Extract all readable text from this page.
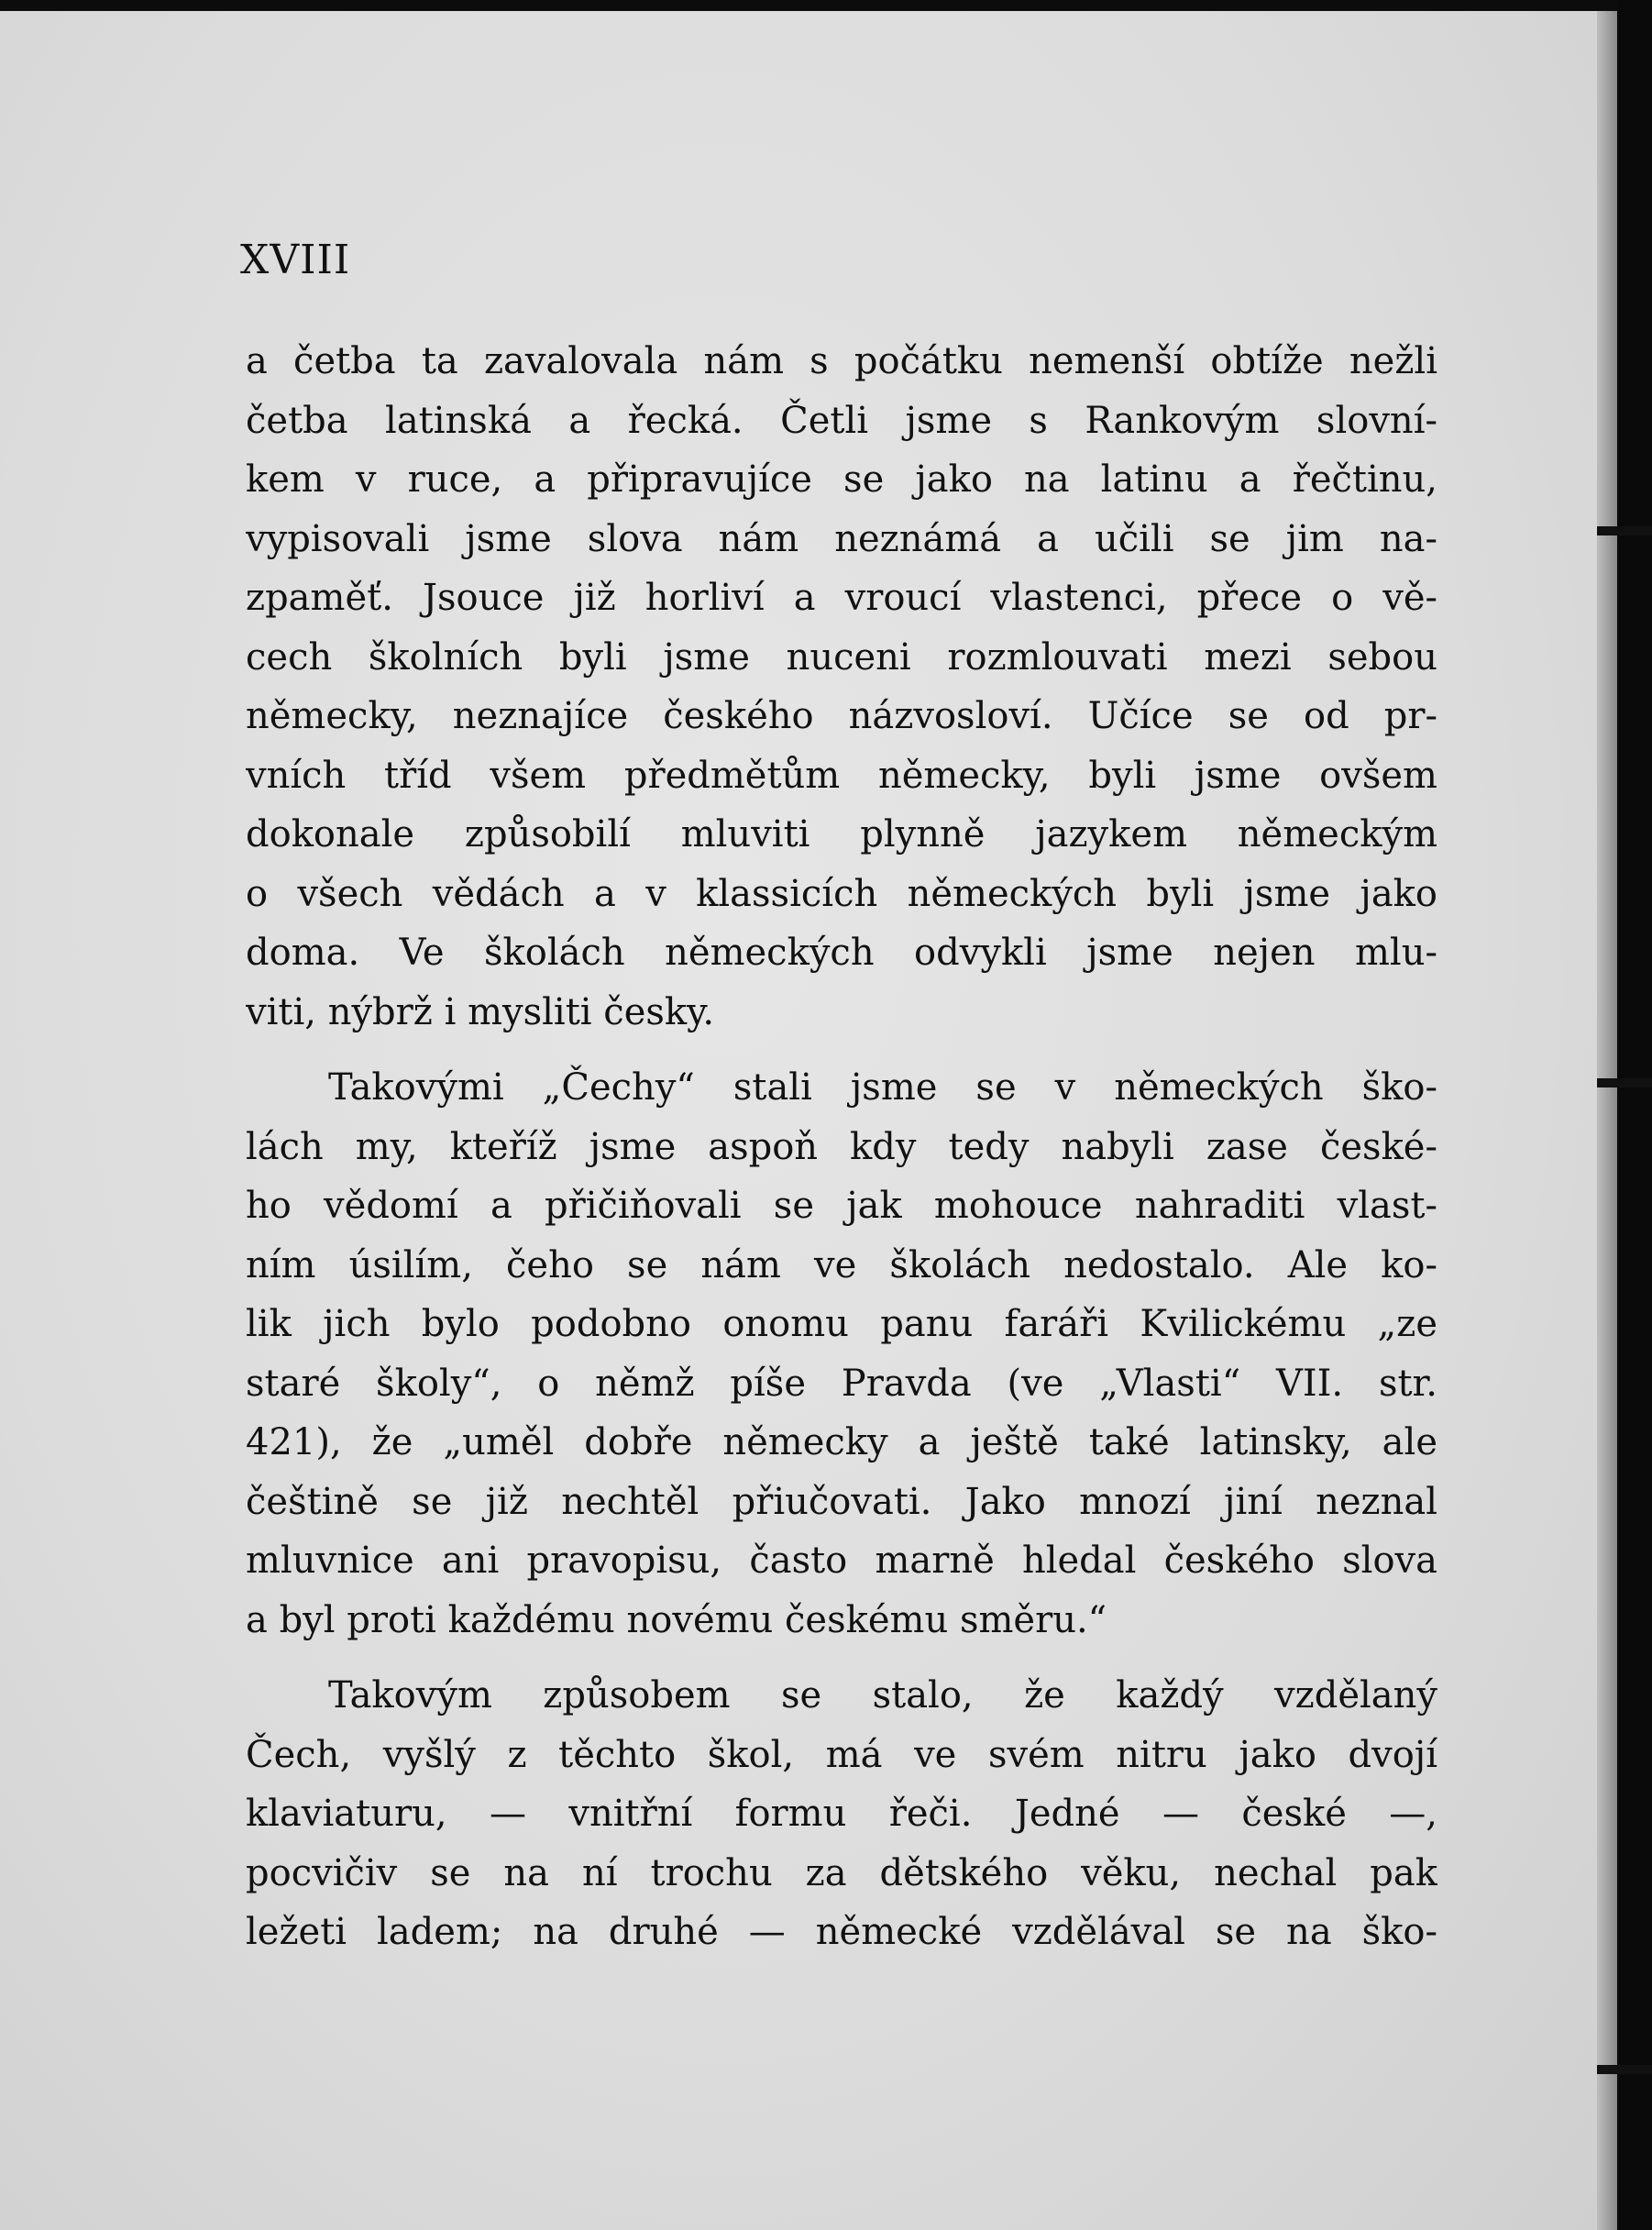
XVIII

a četba ta zavalovala nám s počátku nemenší obtíže nežli
četba latinská a řecká. Četli jsme s Rankovým slovní-
kem v ruce, a připravujíce se jako na latinu a řečtinu,
vypisovali jsme slova nám neznámá a učili se jim na-
zpaměť. Jsouce již horliví a vroucí vlastenci, přece o vě-
cech školních byli jsme nuceni rozmlouvati mezi sebou
německy, neznajíce českého názvosloví. Učíce se od pr-
vních tříd všem předmětům německy, byli jsme ovšem
dokonale způsobilí mluviti plynně jazykem německým
o všech vědách a v klassicích německých byli jsme jako
doma. Ve školách německých odvykli jsme nejen mlu-
viti, nýbrž i mysliti česky.

Takovými „Čechy“ stali jsme se v německých ško-
lách my, kteříž jsme aspoň kdy tedy nabyli zase české-
ho vědomí a přičiňovali se jak mohouce nahraditi vlast-
ním úsilím, čeho se nám ve školách nedostalo. Ale ko-
lik jich bylo podobno onomu panu faráři Kvilickému „ze
staré školy“, o němž píše Pravda (ve „Vlasti“ VII. str.
421), že „uměl dobře německy a ještě také latinsky, ale
češtině se již nechtěl přiučovati. Jako mnozí jiní neznal
mluvnice ani pravopisu, často marně hledal českého slova
a byl proti každému novému českému směru.“

Takovým způsobem se stalo, že každý vzdělaný
Čech, vyšlý z těchto škol, má ve svém nitru jako dvojí
klaviaturu, — vnitřní formu řeči. Jedné — české —,
pocvičiv se na ní trochu za dětského věku, nechal pak
ležeti ladem; na druhé — německé vzdělával se na ško-
